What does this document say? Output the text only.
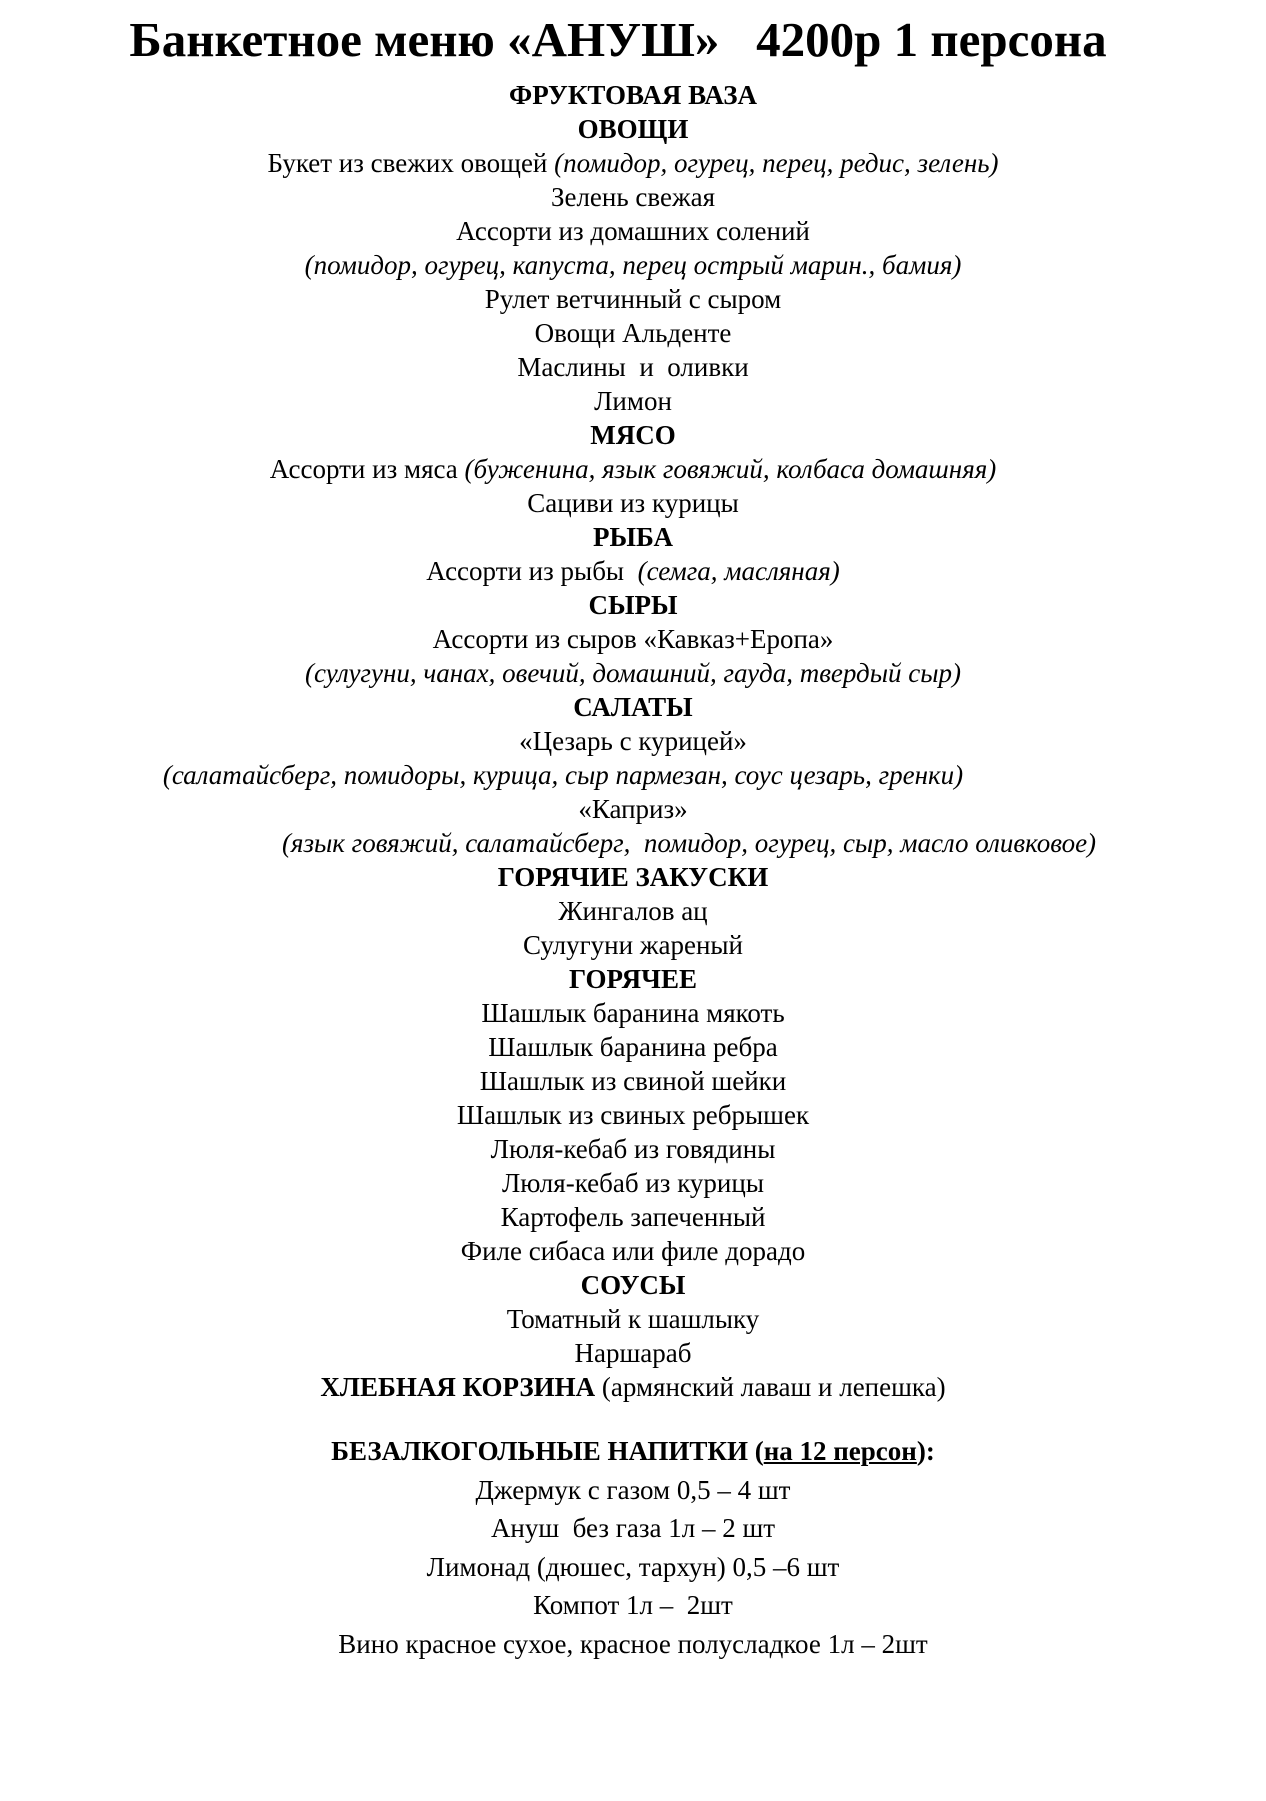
Банкетное меню «АНУШ»   4200р 1 персона
ФРУКТОВАЯ ВАЗА
ОВОЩИ
Букет из свежих овощей (помидор, огурец, перец, редис, зелень)
Зелень свежая
Ассорти из домашних солений
(помидор, огурец, капуста, перец острый марин., бамия)
Рулет ветчинный с сыром
Овощи Альденте
Маслины  и  оливки
Лимон
МЯСО
Ассорти из мяса (буженина, язык говяжий, колбаса домашняя)
Сациви из курицы
РЫБА
Ассорти из рыбы  (семга, масляная)
СЫРЫ
Ассорти из сыров «Кавказ+Еропа»
(сулугуни, чанах, овечий, домашний, гауда, твердый сыр)
САЛАТЫ
«Цезарь с курицей»
(салатайсберг, помидоры, курица, сыр пармезан, соус цезарь, гренки)
«Каприз»
(язык говяжий, салатайсберг,  помидор, огурец, сыр, масло оливковое)
ГОРЯЧИЕ ЗАКУСКИ
Жингалов ац
Сулугуни жареный
ГОРЯЧЕЕ
Шашлык баранина мякоть
Шашлык баранина ребра
Шашлык из свиной шейки
Шашлык из свиных ребрышек
Люля-кебаб из говядины
Люля-кебаб из курицы
Картофель запеченный
Филе сибаса или филе дорадо
СОУСЫ
Томатный к шашлыку
Наршараб
ХЛЕБНАЯ КОРЗИНА (армянский лаваш и лепешка)
БЕЗАЛКОГОЛЬНЫЕ НАПИТКИ (на 12 персон):
Джермук с газом 0,5 – 4 шт
Ануш  без газа 1л – 2 шт
Лимонад (дюшес, тархун) 0,5 –6 шт
Компот 1л –  2шт
Вино красное сухое, красное полусладкое 1л – 2шт
